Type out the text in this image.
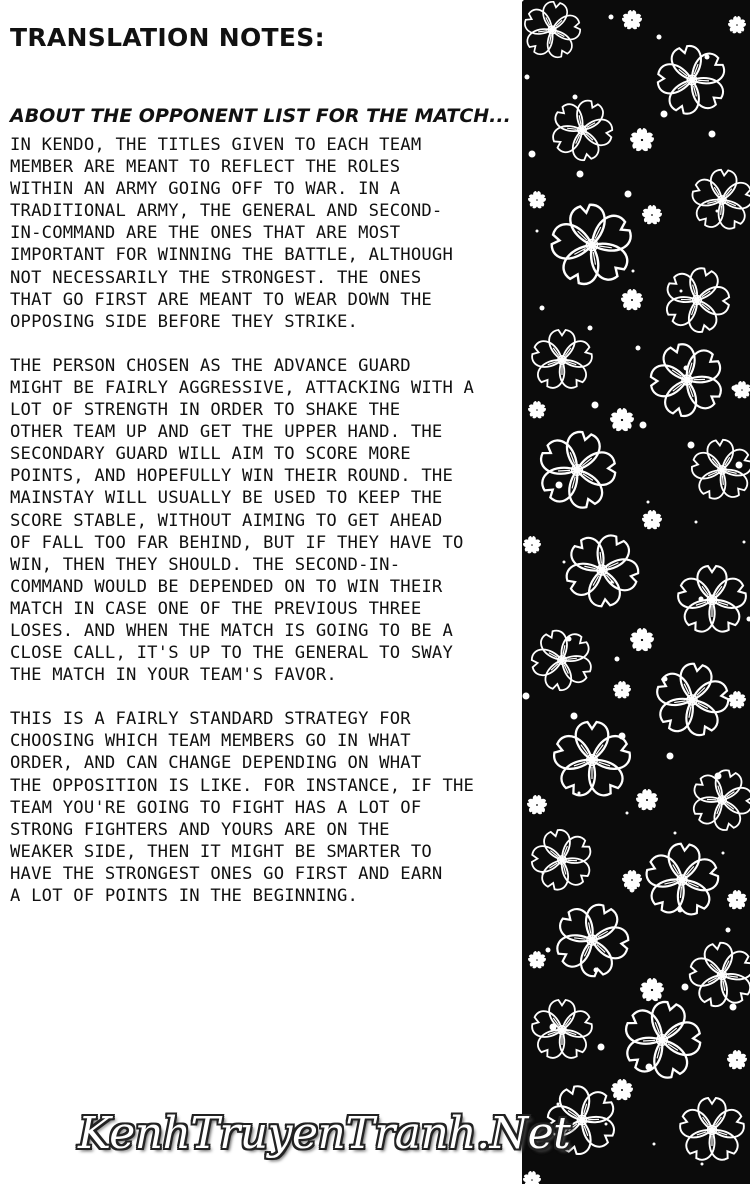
TRANSLATION NOTES:
ABOUT THE OPPONENT LIST FOR THE MATCH...
IN KENDO, THE TITLES GIVEN TO EACH TEAM
MEMBER ARE MEANT TO REFLECT THE ROLES
WITHIN AN ARMY GOING OFF TO WAR. IN A
TRADITIONAL ARMY, THE GENERAL AND SECOND-
IN-COMMAND ARE THE ONES THAT ARE MOST
IMPORTANT FOR WINNING THE BATTLE, ALTHOUGH
NOT NECESSARILY THE STRONGEST. THE ONES
THAT GO FIRST ARE MEANT TO WEAR DOWN THE
OPPOSING SIDE BEFORE THEY STRIKE.
THE PERSON CHOSEN AS THE ADVANCE GUARD
MIGHT BE FAIRLY AGGRESSIVE, ATTACKING WITH A
LOT OF STRENGTH IN ORDER TO SHAKE THE
OTHER TEAM UP AND GET THE UPPER HAND. THE
SECONDARY GUARD WILL AIM TO SCORE MORE
POINTS, AND HOPEFULLY WIN THEIR ROUND. THE
MAINSTAY WILL USUALLY BE USED TO KEEP THE
SCORE STABLE, WITHOUT AIMING TO GET AHEAD
OF FALL TOO FAR BEHIND, BUT IF THEY HAVE TO
WIN, THEN THEY SHOULD. THE SECOND-IN-
COMMAND WOULD BE DEPENDED ON TO WIN THEIR
MATCH IN CASE ONE OF THE PREVIOUS THREE
LOSES. AND WHEN THE MATCH IS GOING TO BE A
CLOSE CALL, IT'S UP TO THE GENERAL TO SWAY
THE MATCH IN YOUR TEAM'S FAVOR.
THIS IS A FAIRLY STANDARD STRATEGY FOR
CHOOSING WHICH TEAM MEMBERS GO IN WHAT
ORDER, AND CAN CHANGE DEPENDING ON WHAT
THE OPPOSITION IS LIKE. FOR INSTANCE, IF THE
TEAM YOU'RE GOING TO FIGHT HAS A LOT OF
STRONG FIGHTERS AND YOURS ARE ON THE
WEAKER SIDE, THEN IT MIGHT BE SMARTER TO
HAVE THE STRONGEST ONES GO FIRST AND EARN
A LOT OF POINTS IN THE BEGINNING.
KenhTruyenTranh.Net
